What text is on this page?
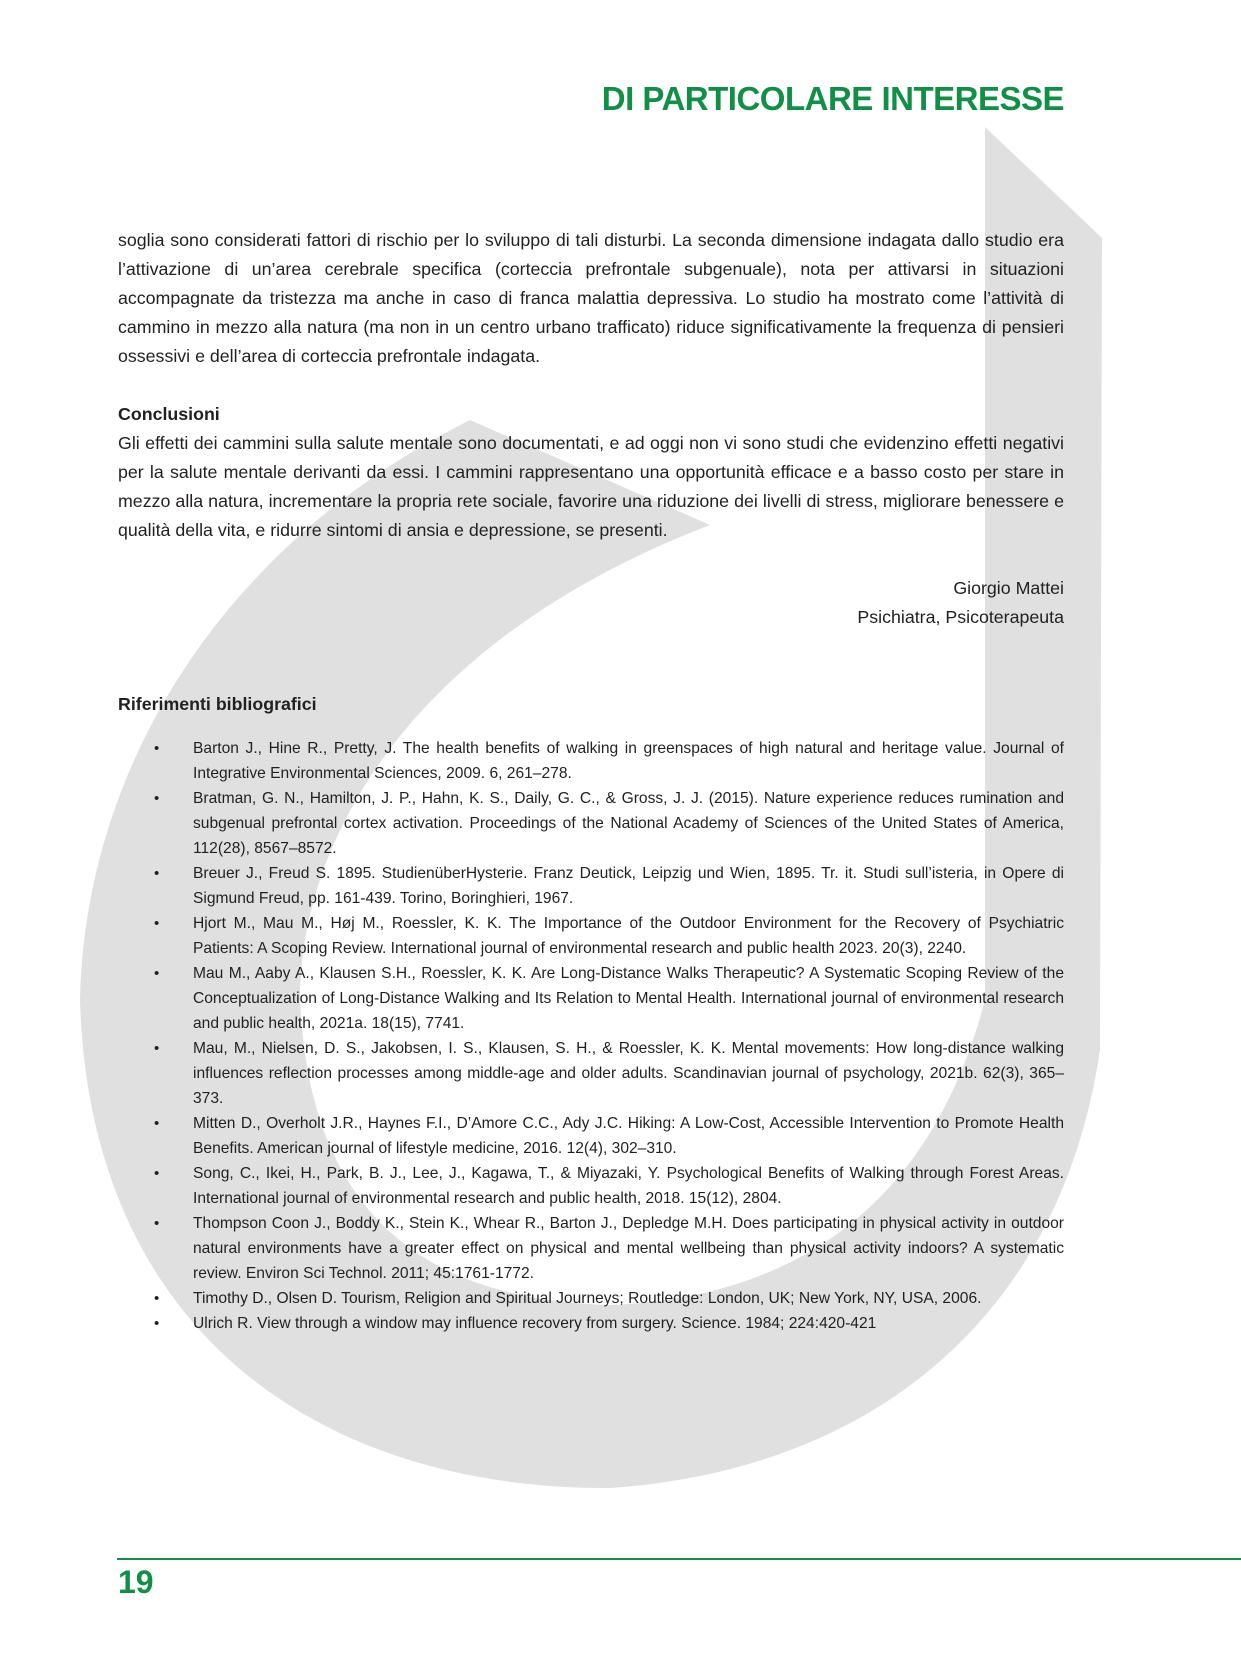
DI PARTICOLARE INTERESSE

soglia sono considerati fattori di rischio per lo sviluppo di tali disturbi. La seconda dimensione indagata dallo studio era l’attivazione di un’area cerebrale specifica (corteccia prefrontale subgenuale), nota per attivarsi in situazioni accompagnate da tristezza ma anche in caso di franca malattia depressiva. Lo studio ha mostrato come l’attività di cammino in mezzo alla natura (ma non in un centro urbano trafficato) riduce significativamente la frequenza di pensieri ossessivi e dell’area di corteccia prefrontale indagata.

Conclusioni

Gli effetti dei cammini sulla salute mentale sono documentati, e ad oggi non vi sono studi che evidenzino effetti negativi per la salute mentale derivanti da essi. I cammini rappresentano una opportunità efficace e a basso costo per stare in mezzo alla natura, incrementare la propria rete sociale, favorire una riduzione dei livelli di stress, migliorare benessere e qualità della vita, e ridurre sintomi di ansia e depressione, se presenti.

Giorgio Mattei
Psichiatra, Psicoterapeuta
Riferimenti bibliografici
• Barton J., Hine R., Pretty, J. The health benefits of walking in greenspaces of high natural and heritage value. Journal of Integrative Environmental Sciences, 2009. 6, 261–278.
• Bratman, G. N., Hamilton, J. P., Hahn, K. S., Daily, G. C., & Gross, J. J. (2015). Nature experience reduces rumination and subgenual prefrontal cortex activation. Proceedings of the National Academy of Sciences of the United States of America, 112(28), 8567–8572.
• Breuer J., Freud S. 1895. StudienüberHysterie. Franz Deutick, Leipzig und Wien, 1895. Tr. it. Studi sull’isteria, in Opere di Sigmund Freud, pp. 161-439. Torino, Boringhieri, 1967.
• Hjort M., Mau M., Høj M., Roessler, K. K. The Importance of the Outdoor Environment for the Recovery of Psychiatric Patients: A Scoping Review. International journal of environmental research and public health 2023. 20(3), 2240.
• Mau M., Aaby A., Klausen S.H., Roessler, K. K. Are Long-Distance Walks Therapeutic? A Systematic Scoping Review of the Conceptualization of Long-Distance Walking and Its Relation to Mental Health. International journal of environmental research and public health, 2021a. 18(15), 7741.
• Mau, M., Nielsen, D. S., Jakobsen, I. S., Klausen, S. H., & Roessler, K. K. Mental movements: How long-distance walking influences reflection processes among middle-age and older adults. Scandinavian journal of psychology, 2021b. 62(3), 365–373.
• Mitten D., Overholt J.R., Haynes F.I., D’Amore C.C., Ady J.C. Hiking: A Low-Cost, Accessible Intervention to Promote Health Benefits. American journal of lifestyle medicine, 2016. 12(4), 302–310.
• Song, C., Ikei, H., Park, B. J., Lee, J., Kagawa, T., & Miyazaki, Y. Psychological Benefits of Walking through Forest Areas. International journal of environmental research and public health, 2018. 15(12), 2804.
• Thompson Coon J., Boddy K., Stein K., Whear R., Barton J., Depledge M.H. Does participating in physical activity in outdoor natural environments have a greater effect on physical and mental wellbeing than physical activity indoors? A systematic review. Environ Sci Technol. 2011; 45:1761-1772.
• Timothy D., Olsen D. Tourism, Religion and Spiritual Journeys; Routledge: London, UK; New York, NY, USA, 2006.
• Ulrich R. View through a window may influence recovery from surgery. Science. 1984; 224:420-421
19
